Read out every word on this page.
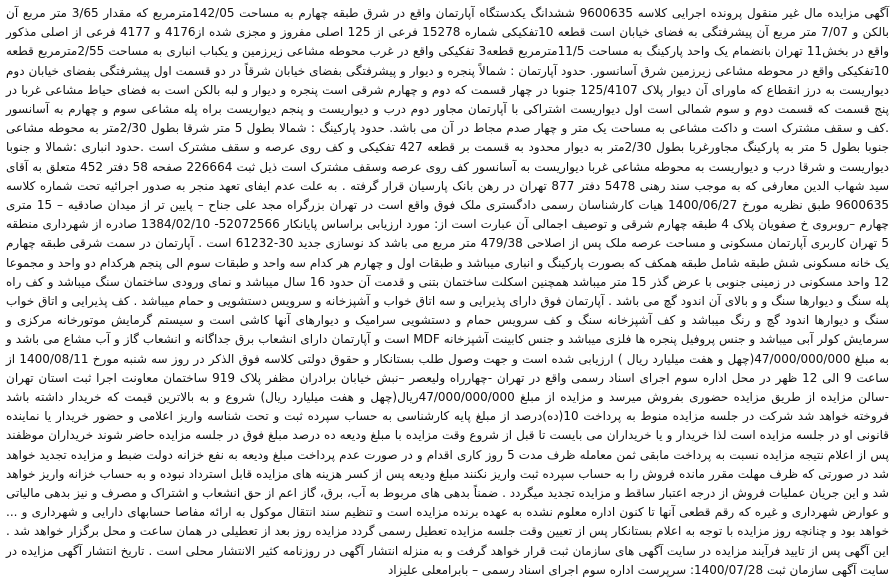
آگهی مزایده مال غیر منقول پرونده اجرایی کلاسه 9600635 ششدانگ یکدستگاه آپارتمان واقع در شرق طبقه چهارم به مساحت 142/05مترمربع که مقدار 3/65 متر مربع آن بالکن و 7/07 متر مربع آن پیشرفتگی به فضای خیابان است قطعه 10تفکیکی شماره 15278 فرعی از 125 اصلی مفروز و مجزی شده از4176 و 4177 فرعی از اصلی مذکور واقع در بخش11 تهران بانضمام یک واحد پارکینگ به مساحت 11/5مترمربع قطعه3 تفکیکی واقع در غرب محوطه مشاعی زیرزمین و یکباب انباری به مساحت 2/55مترمربع قطعه 10تفکیکی واقع در محوطه مشاعی زیرزمین شرق آسانسور. حدود آپارتمان : شمالاً پنجره و دیوار و پیشرفتگی بفضای خیابان شرقاً در دو قسمت اول پیشرفتگی بفضای خیابان دوم دیواریست به درز انقطاع که ماورای آن دیوار پلاک 125/4107 جنوبا در چهار قسمت که دوم و چهارم شرقی است پنجره و دیوار و لبه بالکن است به فضای حیاط مشاعی غربا در پنج قسمت که قسمت دوم و سوم شمالی است اول دیواریست اشتراکی با آپارتمان مجاور دوم درب و دیواریست و پنجم دیواریست براه پله مشاعی سوم و چهارم به آسانسور .کف و سقف مشترک است و داکت مشاعی به مساحت یک متر و چهار صدم مجاط در آن می باشد. حدود پارکینگ : شمالا بطول 5 متر شرقا بطول 2/30متر به محوطه مشاعی جنوبا بطول 5 متر به پارکینگ مجاورغربا بطول 2/30متر به دیوار محدود به قسمت بر قطعه 427 تفکیکی و کف روی عرصه و سقف مشترک است .حدود انباری :شمالا و جنوبا دیواریست و شرقا درب و دیواریست به محوطه مشاعی غربا دیواریست به آسانسور کف روی عرصه وسقف مشترک است ذیل ثبت 226664 صفحه 58 دفتر 452 متعلق به آقای سید شهاب الدین معارفی که به موجب سند رهنی 5478 دفتر 877 تهران در رهن بانک پارسیان قرار گرفته . به علت عدم ایفای تعهد منجر به صدور اجرائیه تحت شماره کلاسه 9600635 طبق نظریه مورخ 1400/06/27 هیات کارشناسان رسمی دادگستری ملک فوق واقع است در تهران بزرگراه مجد علی جناح – پایین تر از میدان صادقیه – 15 متری چهارم –روبروی خ صفویان پلاک 4 طبقه چهارم شرقی و توصیف اجمالی آن عبارت است از: مورد ارزیابی براساس پایانکار 52072566- 1384/02/10 صادره از شهرداری منطقه 5 تهران کاربری آپارتمان مسکونی و مساحت عرصه ملک پس از اصلاحی 479/38 متر مربع می باشد کد نوسازی جدید 30-61232 است . آپارتمان در سمت شرقی طبقه چهارم یک خانه مسکونی شش طبقه شامل طبقه همکف که بصورت پارکینگ و انباری میباشد و طبقات اول و چهارم هر کدام سه واحد و طبقات سوم الی پنجم هرکدام دو واحد و مجموعا 12 واحد مسکونی در زمینی جنوبی با عرض گذر 15 متر میباشد همچنین اسکلت ساختمان بتنی و قدمت آن حدود 16 سال میباشد و نمای ورودی ساختمان سنگ میباشد و کف راه پله سنگ و دیوارها سنگ و و بالای آن اندود گچ می باشد . آپارتمان فوق دارای پذیرایی و سه اتاق خواب و آشپزخانه و سرویس دستشویی و حمام میباشد . کف پذیرایی و اتاق خواب سنگ و دیوارها اندود گچ و رنگ میباشد و کف آشپزخانه سنگ و کف سرویس حمام و دستشویی سرامیک و دیوارهای آنها کاشی است و سیستم گرمایش موتورخانه مرکزی و سرمایش کولر آبی میباشد و جنس پروفیل پنجره ها فلزی میباشد و جنس کابینت آشپزخانه MDF است و آپارتمان دارای انشعاب برق جداگانه و انشعاب گاز و آب مشاع می باشد و به مبلغ 47/000/000/000(چهل و هفت میلیارد ریال ) ارزیابی شده است و جهت وصول طلب بستانکار و حقوق دولتی کلاسه فوق الذکر در روز سه شنبه مورخ 1400/08/11 از ساعت 9 الی 12 ظهر در محل اداره سوم اجرای اسناد رسمی واقع در تهران -چهارراه ولیعصر –نبش خیابان برادران مظفر پلاک 919 ساختمان معاونت اجرا ثبت استان تهران -سالن مزایده از طریق مزایده حضوری بفروش میرسد و مزایده از مبلغ 47/000/000/000ریال(چهل و هفت میلیارد ریال) شروع و به بالاترین قیمت که خریدار داشته باشد فروخته خواهد شد شرکت در جلسه مزایده منوط به پرداخت 10(ده)درصد از مبلغ پایه کارشناسی به حساب سپرده ثبت و تحت شناسه واریز اعلامی و حضور خریدار یا نماینده قانونی او در جلسه مزایده است لذا خریدار و یا خریداران می بایست تا قبل از شروع وقت مزایده با مبلغ ودیعه ده درصد مبلغ فوق در جلسه مزایده حاضر شوند خریداران موظفند پس از اعلام نتیجه مزایده نسبت به پرداخت مابقی ثمن معامله ظرف مدت 5 روز کاری اقدام و در صورت عدم پرداخت مبلغ ودیعه به نفع خزانه دولت ضبط و مزایده تجدید خواهد شد در صورتی که ظرف مهلت مقرر مانده فروش را به حساب سپرده ثبت واریز نکنند مبلغ ودیعه پس از کسر هزینه های مزایده قابل استرداد نبوده و به حساب خزانه واریز خواهد شد و این جریان عملیات فروش از درجه اعتبار ساقط و مزایده تجدید میگردد . ضمناً بدهی های مربوط به آب، برق، گاز اعم از حق انشعاب و اشتراک و مصرف و نیز بدهی مالیاتی و عوارض شهرداری و غیره که رقم قطعی آنها تا کنون اداره معلوم نشده به عهده برنده مزایده است و تنظیم سند انتقال موکول به ارائه مفاصا حسابهای دارایی و شهرداری و ... خواهد بود و چنانچه روز مزایده با توجه به اعلام بستانکار پس از تعیین وقت جلسه مزایده تعطیل رسمی گردد مزایده روز بعد از تعطیلی در همان ساعت و محل برگزار خواهد شد . این آگهی پس از تایید فرآیند مزایده در سایت آگهی های سازمان ثبت قرار خواهد گرفت و به منزله انتشار آگهی در روزنامه کثیر الانتشار محلی است . تاریخ انتشار آگهی مزایده در سایت آگهی سازمان ثبت 1400/07/28: سرپرست اداره سوم اجرای اسناد رسمی – بابرامعلی علیزاد
